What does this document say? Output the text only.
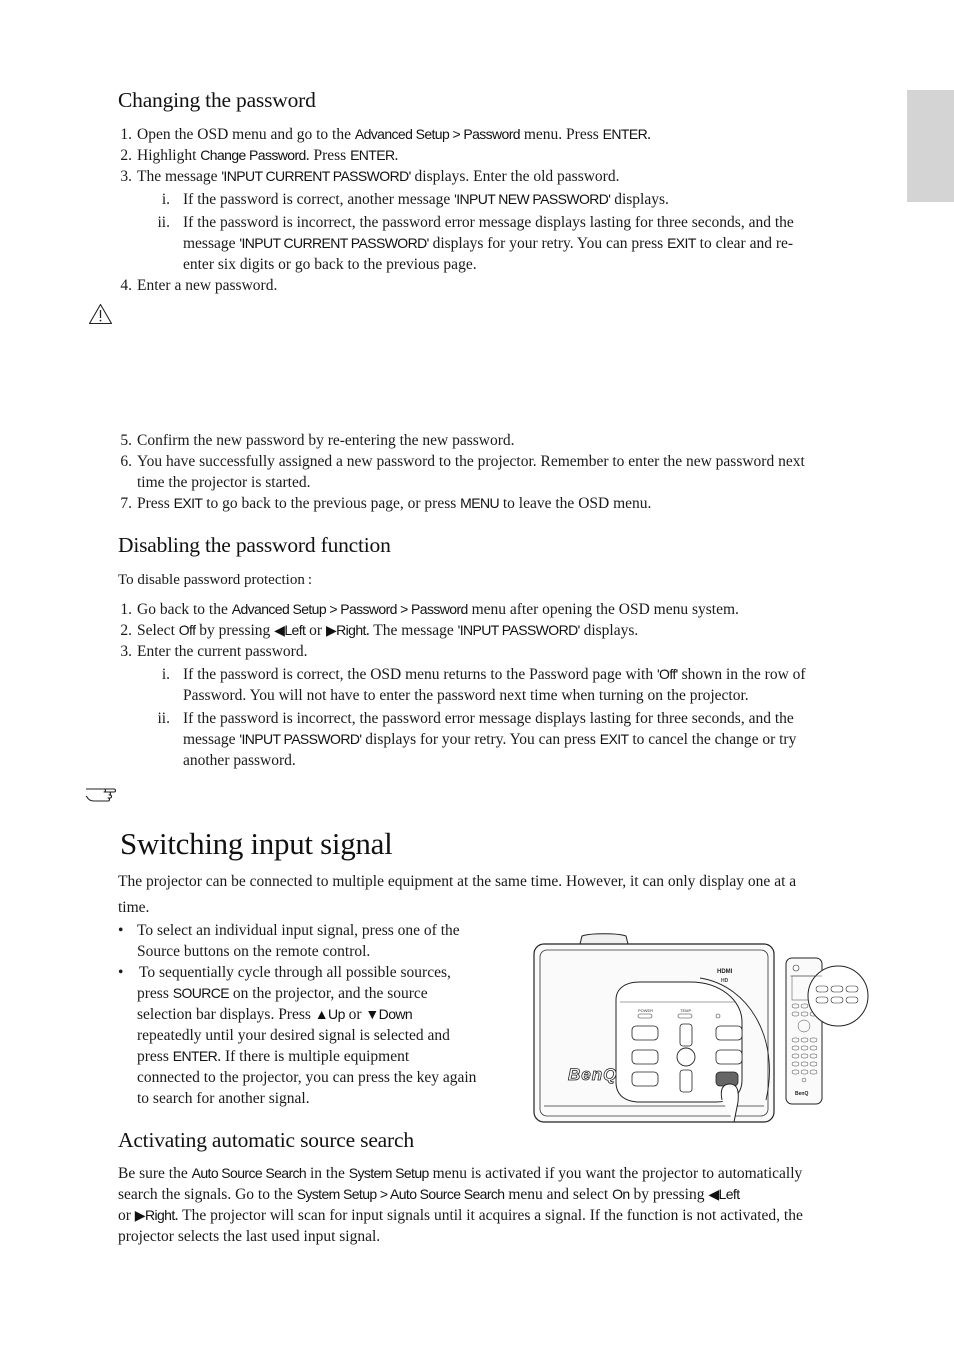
Changing the password
1. Open the OSD menu and go to the Advanced Setup > Password menu. Press ENTER.
2. Highlight Change Password. Press ENTER.
3. The message 'INPUT CURRENT PASSWORD' displays. Enter the old password.
i. If the password is correct, another message 'INPUT NEW PASSWORD' displays.
ii. If the password is incorrect, the password error message displays lasting for three seconds, and the
message 'INPUT CURRENT PASSWORD' displays for your retry. You can press EXIT to clear and re-
enter six digits or go back to the previous page.
4. Enter a new password.
5. Confirm the new password by re-entering the new password.
6. You have successfully assigned a new password to the projector. Remember to enter the new password next
time the projector is started.
7. Press EXIT to go back to the previous page, or press MENU to leave the OSD menu.
Disabling the password function
To disable password protection :
1. Go back to the Advanced Setup > Password > Password menu after opening the OSD menu system.
2. Select Off by pressing ◀Left or ▶Right. The message 'INPUT PASSWORD' displays.
3. Enter the current password.
i. If the password is correct, the OSD menu returns to the Password page with 'Off' shown in the row of
Password. You will not have to enter the password next time when turning on the projector.
ii. If the password is incorrect, the password error message displays lasting for three seconds, and the
message 'INPUT PASSWORD' displays for your retry. You can press EXIT to cancel the change or try
another password.
Switching input signal
The projector can be connected to multiple equipment at the same time. However, it can only display one at a
time.
• To select an individual input signal, press one of the
Source buttons on the remote control.
• To sequentially cycle through all possible sources,
press SOURCE on the projector, and the source
selection bar displays. Press ▲Up or ▼Down
repeatedly until your desired signal is selected and
press ENTER. If there is multiple equipment
connected to the projector, you can press the key again
to search for another signal.
HDMI
HD
POWER	TEMP
BenQ
BenQ
Activating automatic source search
Be sure the Auto Source Search in the System Setup menu is activated if you want the projector to automatically
search the signals. Go to the System Setup > Auto Source Search menu and select On by pressing ◀Left
or ▶Right. The projector will scan for input signals until it acquires a signal. If the function is not activated, the
projector selects the last used input signal.
